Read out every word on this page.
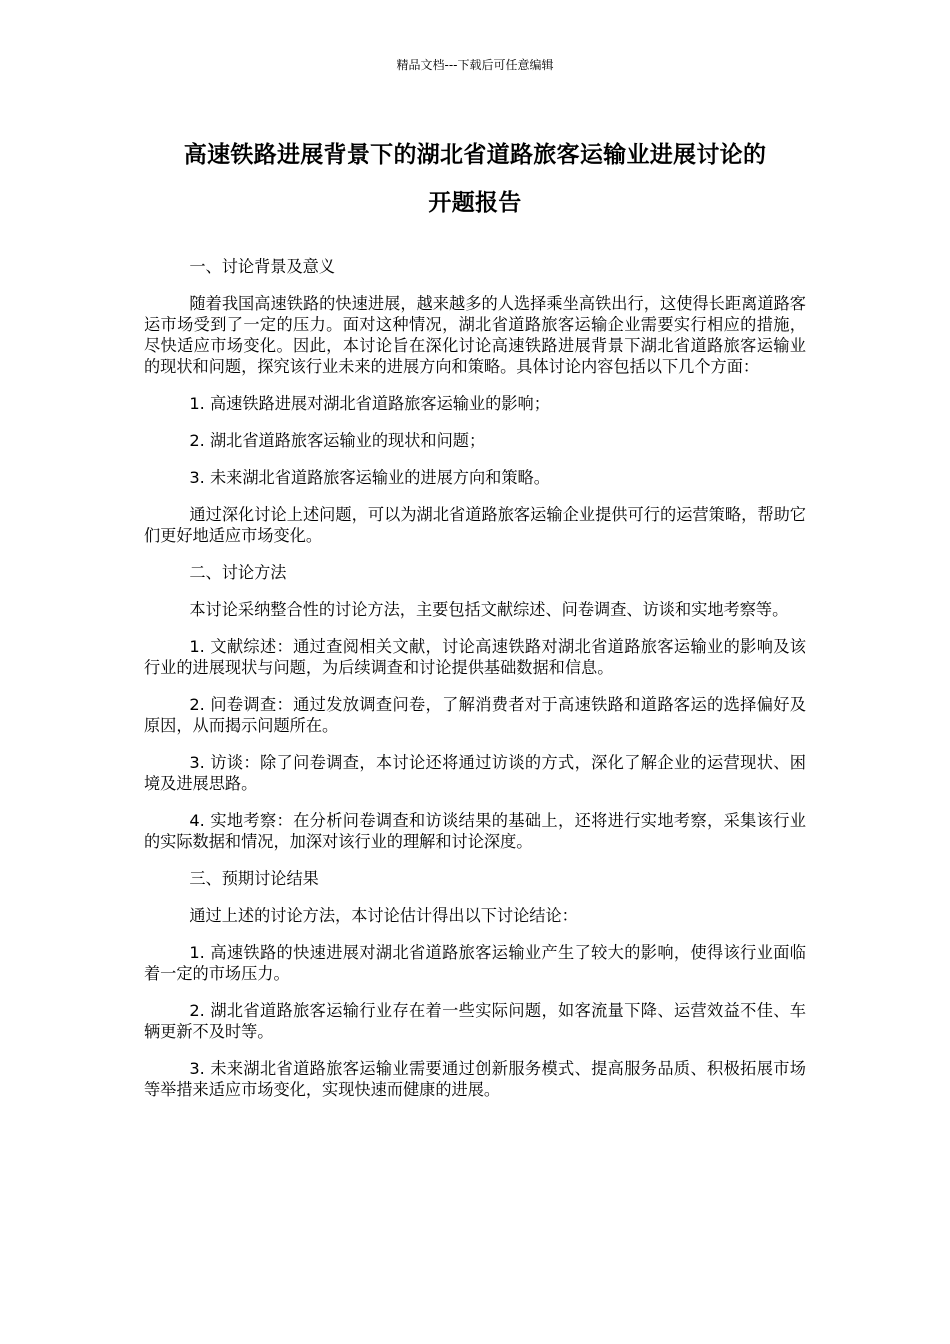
精品文档---下载后可任意编辑
高速铁路进展背景下的湖北省道路旅客运输业进展讨论的
开题报告

一、讨论背景及意义

随着我国高速铁路的快速进展，越来越多的人选择乘坐高铁出行，这使得长距离道路客运市场受到了一定的压力。面对这种情况，湖北省道路旅客运输企业需要实行相应的措施，尽快适应市场变化。因此，本讨论旨在深化讨论高速铁路进展背景下湖北省道路旅客运输业的现状和问题，探究该行业未来的进展方向和策略。具体讨论内容包括以下几个方面：

1. 高速铁路进展对湖北省道路旅客运输业的影响；

2. 湖北省道路旅客运输业的现状和问题；

3. 未来湖北省道路旅客运输业的进展方向和策略。

通过深化讨论上述问题，可以为湖北省道路旅客运输企业提供可行的运营策略，帮助它们更好地适应市场变化。

二、讨论方法

本讨论采纳整合性的讨论方法，主要包括文献综述、问卷调查、访谈和实地考察等。

1. 文献综述：通过查阅相关文献，讨论高速铁路对湖北省道路旅客运输业的影响及该行业的进展现状与问题，为后续调查和讨论提供基础数据和信息。

2. 问卷调查：通过发放调查问卷，了解消费者对于高速铁路和道路客运的选择偏好及原因，从而揭示问题所在。

3. 访谈：除了问卷调查，本讨论还将通过访谈的方式，深化了解企业的运营现状、困境及进展思路。

4. 实地考察：在分析问卷调查和访谈结果的基础上，还将进行实地考察，采集该行业的实际数据和情况，加深对该行业的理解和讨论深度。

三、预期讨论结果

通过上述的讨论方法，本讨论估计得出以下讨论结论：

1. 高速铁路的快速进展对湖北省道路旅客运输业产生了较大的影响，使得该行业面临着一定的市场压力。

2. 湖北省道路旅客运输行业存在着一些实际问题，如客流量下降、运营效益不佳、车辆更新不及时等。

3. 未来湖北省道路旅客运输业需要通过创新服务模式、提高服务品质、积极拓展市场等举措来适应市场变化，实现快速而健康的进展。
